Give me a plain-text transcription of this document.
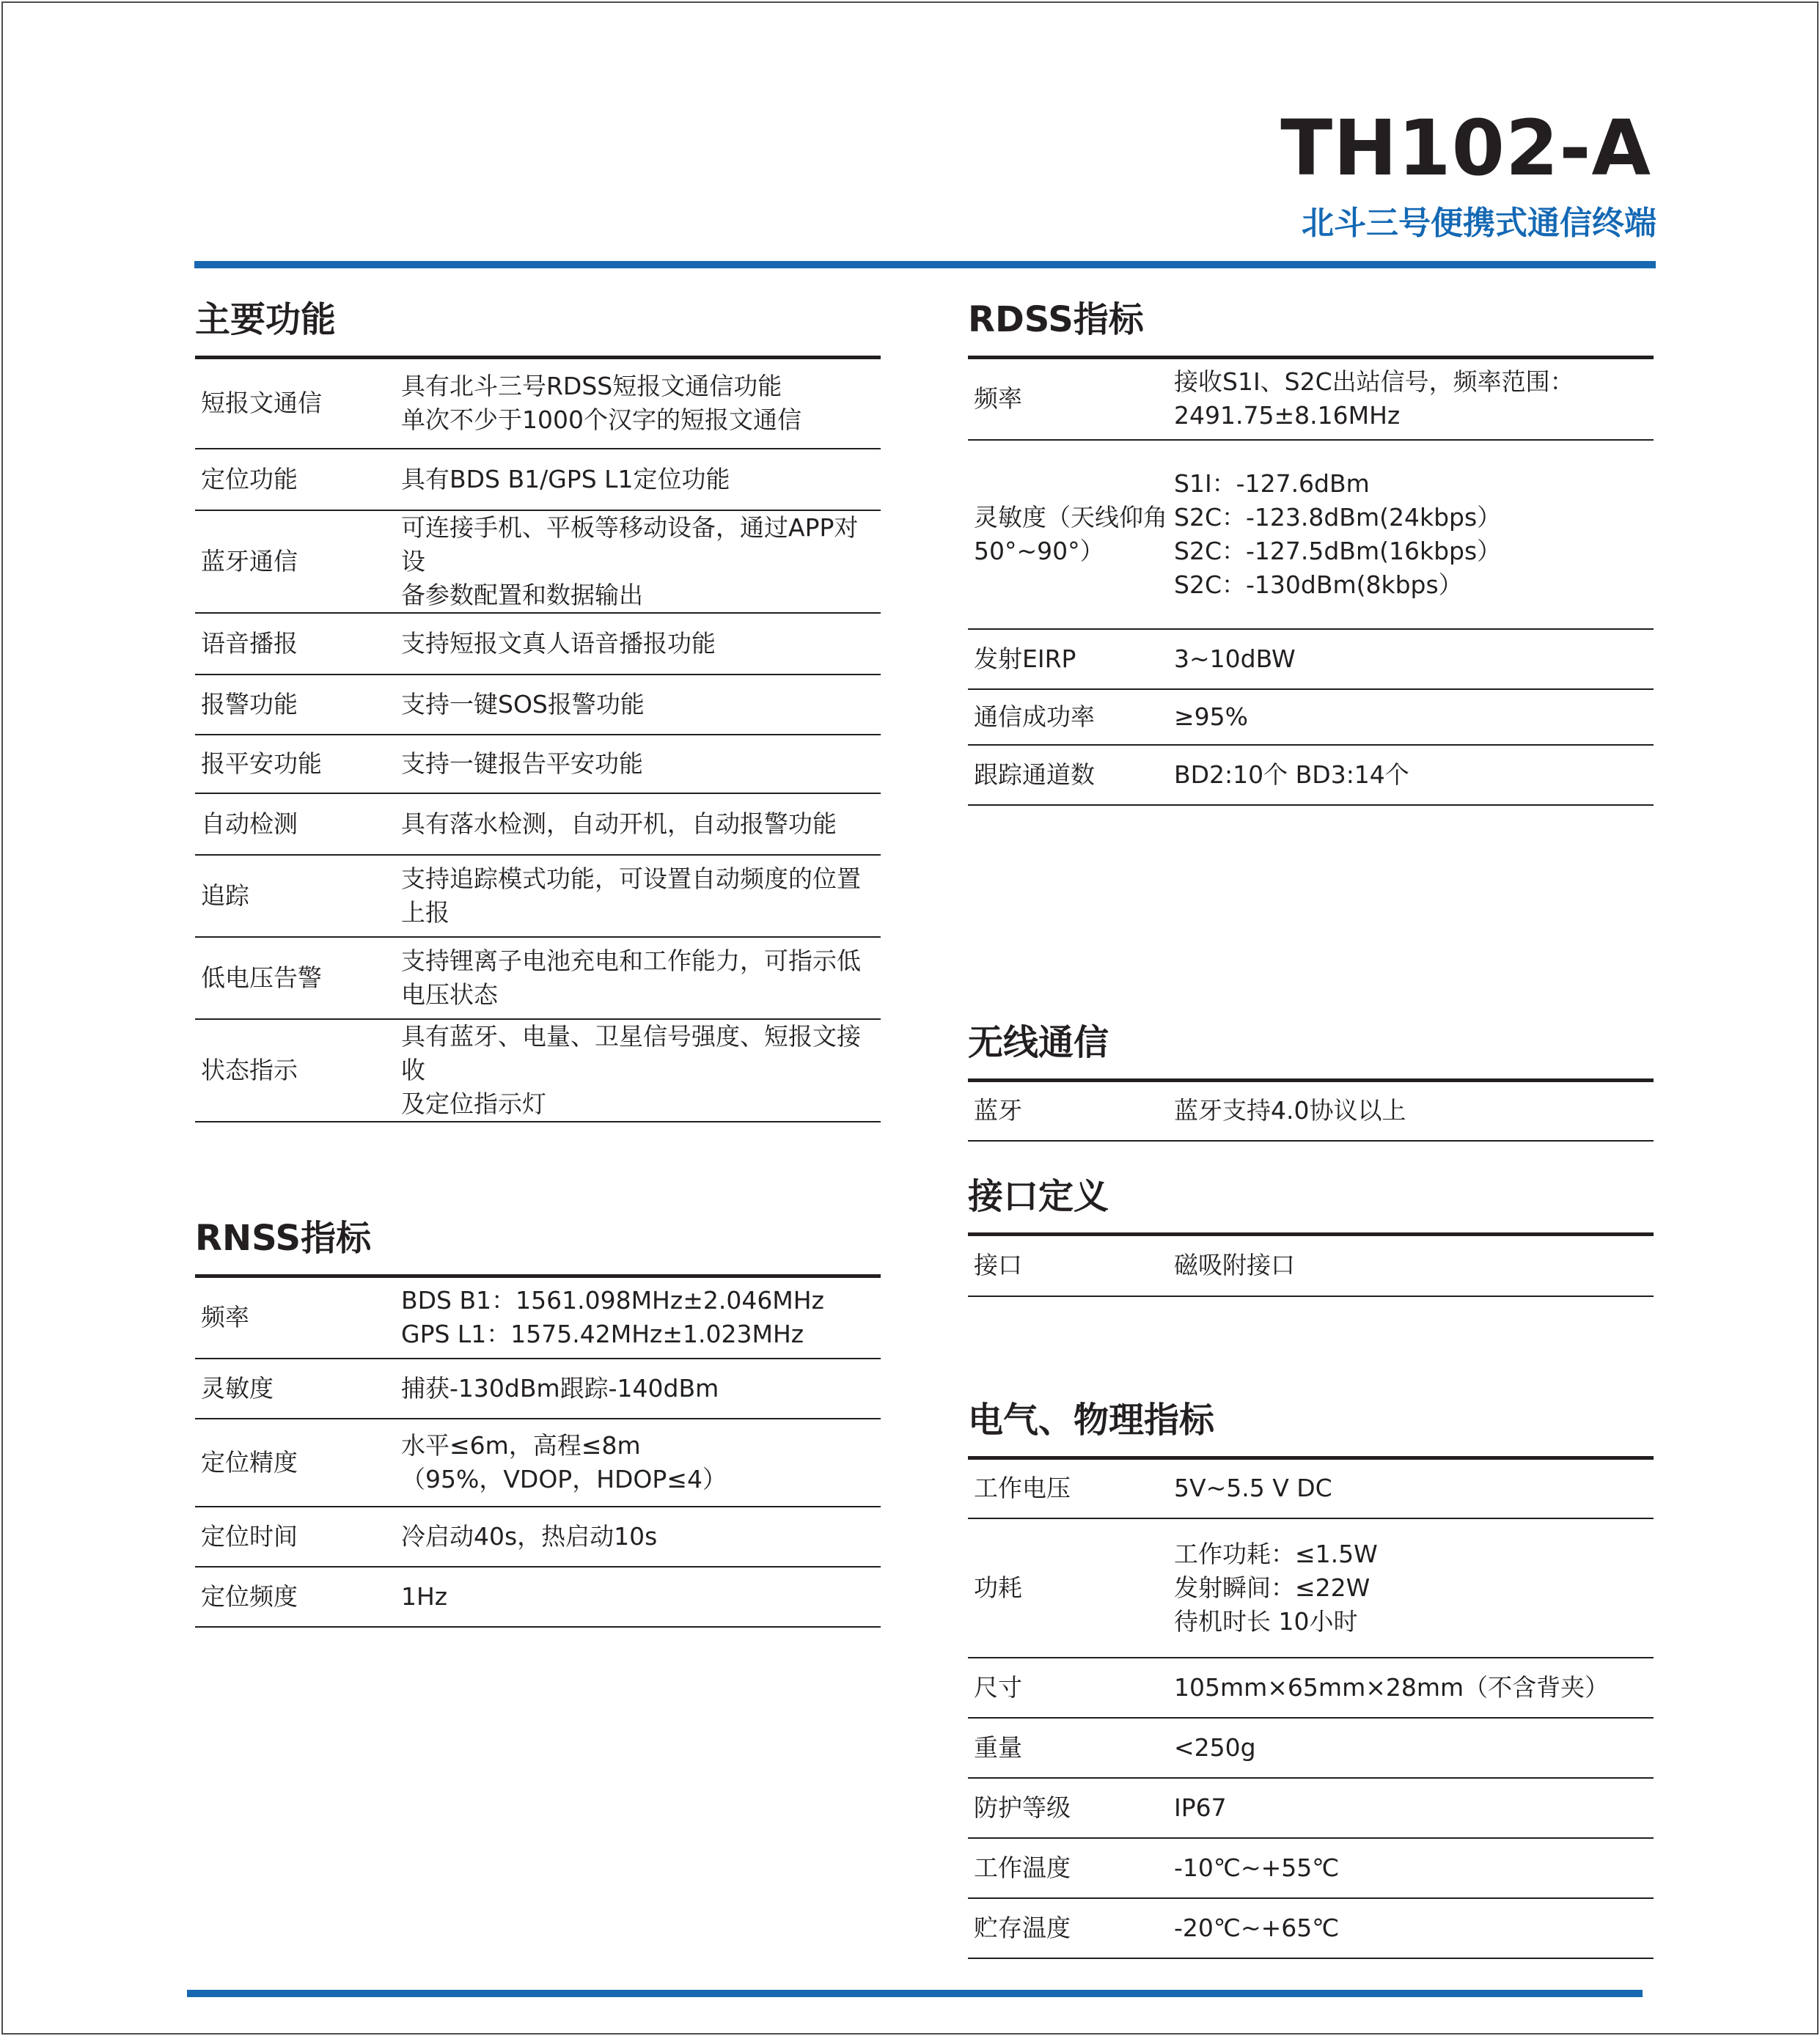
TH102-A
北斗三号便携式通信终端
主要功能
短报文通信	具有北斗三号RDSS短报文通信功能
单次不少于1000个汉字的短报文通信
定位功能	具有BDS B1/GPS L1定位功能
蓝牙通信	可连接手机、平板等移动设备，通过APP对设
备参数配置和数据输出
语音播报	支持短报文真人语音播报功能
报警功能	支持一键SOS报警功能
报平安功能	支持一键报告平安功能
自动检测	具有落水检测，自动开机，自动报警功能
追踪	支持追踪模式功能，可设置自动频度的位置
上报
低电压告警	支持锂离子电池充电和工作能力，可指示低
电压状态
状态指示	具有蓝牙、电量、卫星信号强度、短报文接收
及定位指示灯
RNSS指标
频率	BDS B1：1561.098MHz±2.046MHz
GPS L1：1575.42MHz±1.023MHz
灵敏度	捕获-130dBm跟踪-140dBm
定位精度	水平≤6m，高程≤8m
（95%，VDOP，HDOP≤4）
定位时间	冷启动40s，热启动10s
定位频度	1Hz
RDSS指标
频率	接收S1I、S2C出站信号，频率范围：
2491.75±8.16MHz
灵敏度（天线仰角
50°~90°）	S1I：-127.6dBm
S2C：-123.8dBm(24kbps）
S2C：-127.5dBm(16kbps）
S2C：-130dBm(8kbps）
发射EIRP	3~10dBW
通信成功率	≥95%
跟踪通道数	BD2:10个 BD3:14个
无线通信
蓝牙	蓝牙支持4.0协议以上
接口定义
接口	磁吸附接口
电气、物理指标
工作电压	5V~5.5 V DC
功耗	工作功耗：≤1.5W
发射瞬间：≤22W
待机时长 10小时
尺寸	105mm×65mm×28mm（不含背夹）
重量	<250g
防护等级	IP67
工作温度	-10℃~+55℃
贮存温度	-20℃~+65℃
